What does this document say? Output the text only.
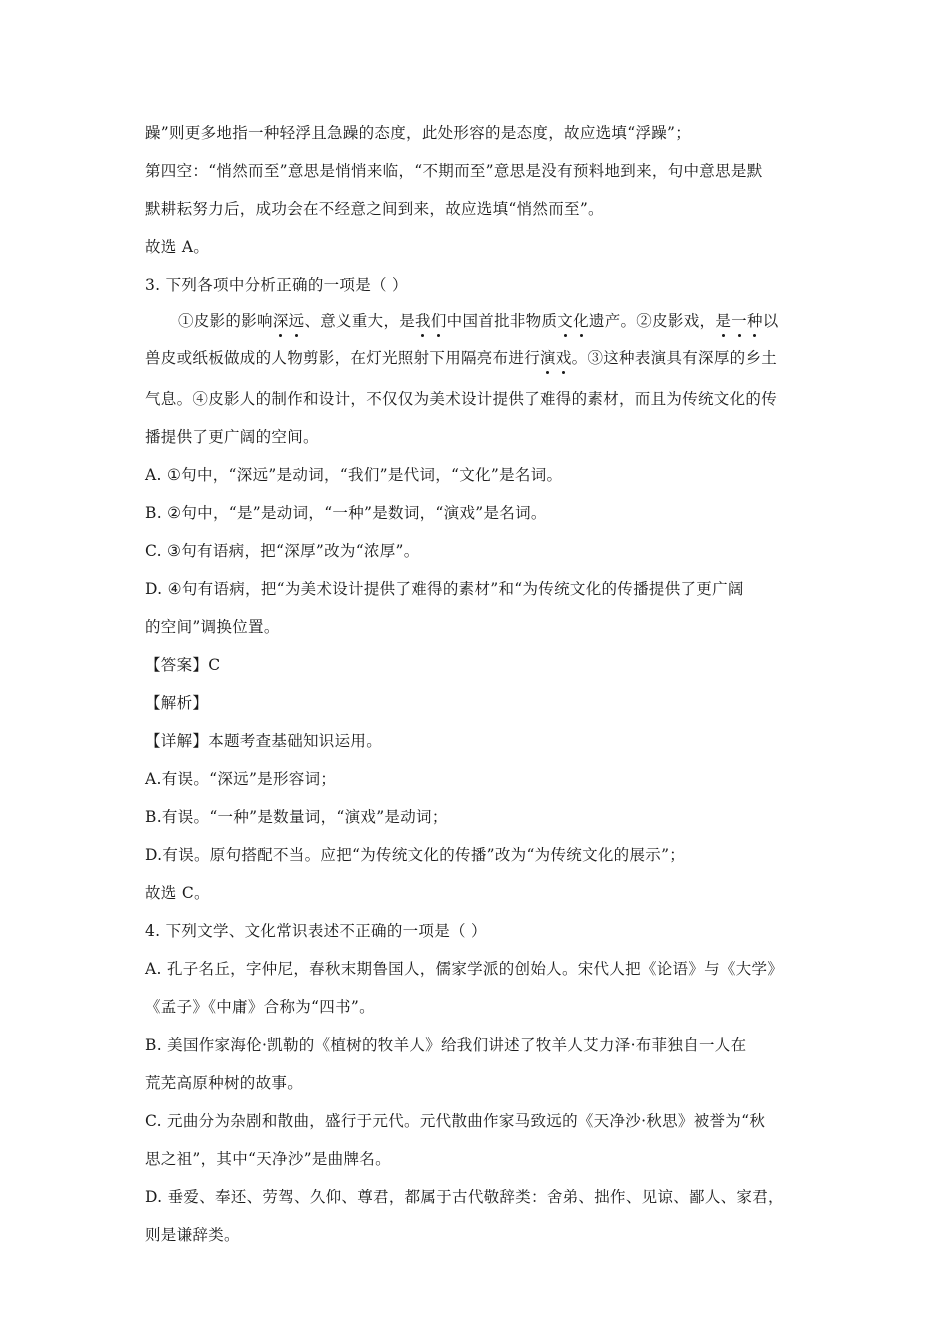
躁”则更多地指一种轻浮且急躁的态度，此处形容的是态度，故应选填“浮躁”；
第四空：“悄然而至”意思是悄悄来临，“不期而至”意思是没有预料地到来，句中意思是默
默耕耘努力后，成功会在不经意之间到来，故应选填“悄然而至”。
故选 A。
3. 下列各项中分析正确的一项是（ ）
①皮影的影响深远、意义重大，是我们中国首批非物质文化遗产。②皮影戏，是一种以
兽皮或纸板做成的人物剪影，在灯光照射下用隔亮布进行演戏。③这种表演具有深厚的乡土
气息。④皮影人的制作和设计，不仅仅为美术设计提供了难得的素材，而且为传统文化的传
播提供了更广阔的空间。
A. ①句中，“深远”是动词，“我们”是代词，“文化”是名词。
B. ②句中，“是”是动词，“一种”是数词，“演戏”是名词。
C. ③句有语病，把“深厚”改为“浓厚”。
D. ④句有语病，把“为美术设计提供了难得的素材”和“为传统文化的传播提供了更广阔
的空间”调换位置。
【答案】C
【解析】
【详解】本题考查基础知识运用。
A.有误。“深远”是形容词；
B.有误。“一种”是数量词，“演戏”是动词；
D.有误。原句搭配不当。应把“为传统文化的传播”改为“为传统文化的展示”；
故选 C。
4. 下列文学、文化常识表述不正确的一项是（ ）
A. 孔子名丘，字仲尼，春秋末期鲁国人，儒家学派的创始人。宋代人把《论语》与《大学》
《孟子》《中庸》合称为“四书”。
B. 美国作家海伦·凯勒的《植树的牧羊人》给我们讲述了牧羊人艾力泽·布菲独自一人在
荒芜高原种树的故事。
C. 元曲分为杂剧和散曲，盛行于元代。元代散曲作家马致远的《天净沙·秋思》被誉为“秋
思之祖”，其中“天净沙”是曲牌名。
D. 垂爱、奉还、劳驾、久仰、尊君，都属于古代敬辞类：舍弟、拙作、见谅、鄙人、家君，
则是谦辞类。
